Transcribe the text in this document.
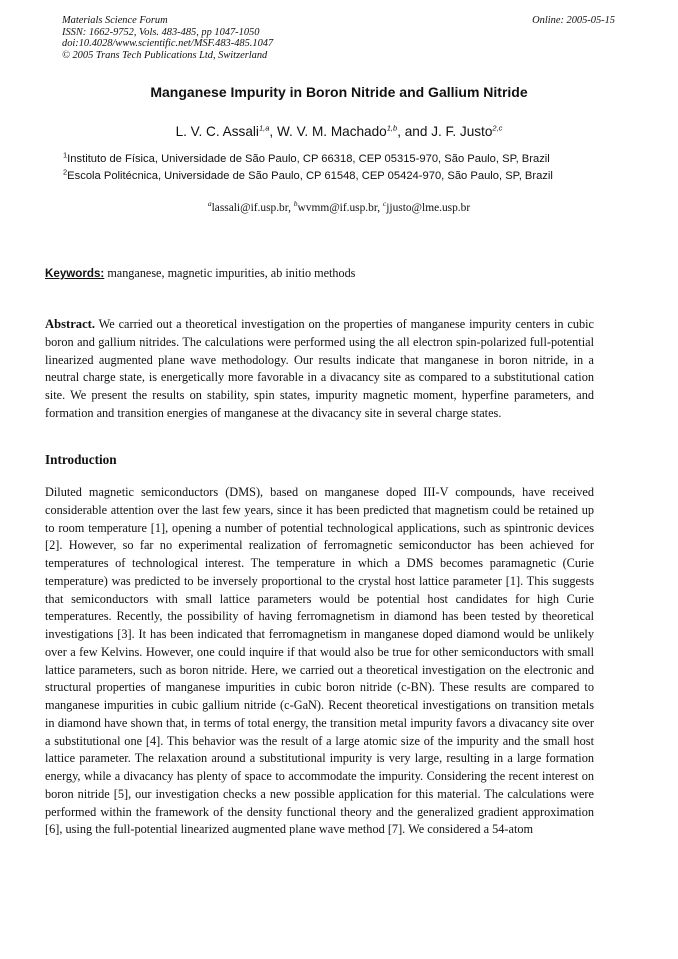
Materials Science Forum
ISSN: 1662-9752, Vols. 483-485, pp 1047-1050
doi:10.4028/www.scientific.net/MSF.483-485.1047
© 2005 Trans Tech Publications Ltd, Switzerland
Online: 2005-05-15
Manganese Impurity in Boron Nitride and Gallium Nitride
L. V. C. Assali$^{1,a}$, W. V. M. Machado$^{1,b}$, and J. F. Justo$^{2,c}$
$^1$Instituto de Física, Universidade de São Paulo, CP 66318, CEP 05315-970, São Paulo, SP, Brazil
$^2$Escola Politécnica, Universidade de São Paulo, CP 61548, CEP 05424-970, São Paulo, SP, Brazil
$^a$lassali@if.usp.br, $^b$wvmm@if.usp.br, $^c$jjusto@lme.usp.br
Keywords: manganese, magnetic impurities, ab initio methods
Abstract. We carried out a theoretical investigation on the properties of manganese impurity centers in cubic boron and gallium nitrides. The calculations were performed using the all electron spin-polarized full-potential linearized augmented plane wave methodology. Our results indicate that manganese in boron nitride, in a neutral charge state, is energetically more favorable in a divacancy site as compared to a substitutional cation site. We present the results on stability, spin states, impurity magnetic moment, hyperfine parameters, and formation and transition energies of manganese at the divacancy site in several charge states.
Introduction
Diluted magnetic semiconductors (DMS), based on manganese doped III-V compounds, have received considerable attention over the last few years, since it has been predicted that magnetism could be retained up to room temperature [1], opening a number of potential technological applications, such as spintronic devices [2]. However, so far no experimental realization of ferromagnetic semiconductor has been achieved for temperatures of technological interest. The temperature in which a DMS becomes paramagnetic (Curie temperature) was predicted to be inversely proportional to the crystal host lattice parameter [1]. This suggests that semiconductors with small lattice parameters would be potential host candidates for high Curie temperatures. Recently, the possibility of having ferromagnetism in diamond has been tested by theoretical investigations [3]. It has been indicated that ferromagnetism in manganese doped diamond would be unlikely over a few Kelvins. However, one could inquire if that would also be true for other semiconductors with small lattice parameters, such as boron nitride. Here, we carried out a theoretical investigation on the electronic and structural properties of manganese impurities in cubic boron nitride (c-BN). These results are compared to manganese impurities in cubic gallium nitride (c-GaN). Recent theoretical investigations on transition metals in diamond have shown that, in terms of total energy, the transition metal impurity favors a divacancy site over a substitutional one [4]. This behavior was the result of a large atomic size of the impurity and the small host lattice parameter. The relaxation around a substitutional impurity is very large, resulting in a large formation energy, while a divacancy has plenty of space to accommodate the impurity. Considering the recent interest on boron nitride [5], our investigation checks a new possible application for this material. The calculations were performed within the framework of the density functional theory and the generalized gradient approximation [6], using the full-potential linearized augmented plane wave method [7]. We considered a 54-atom
